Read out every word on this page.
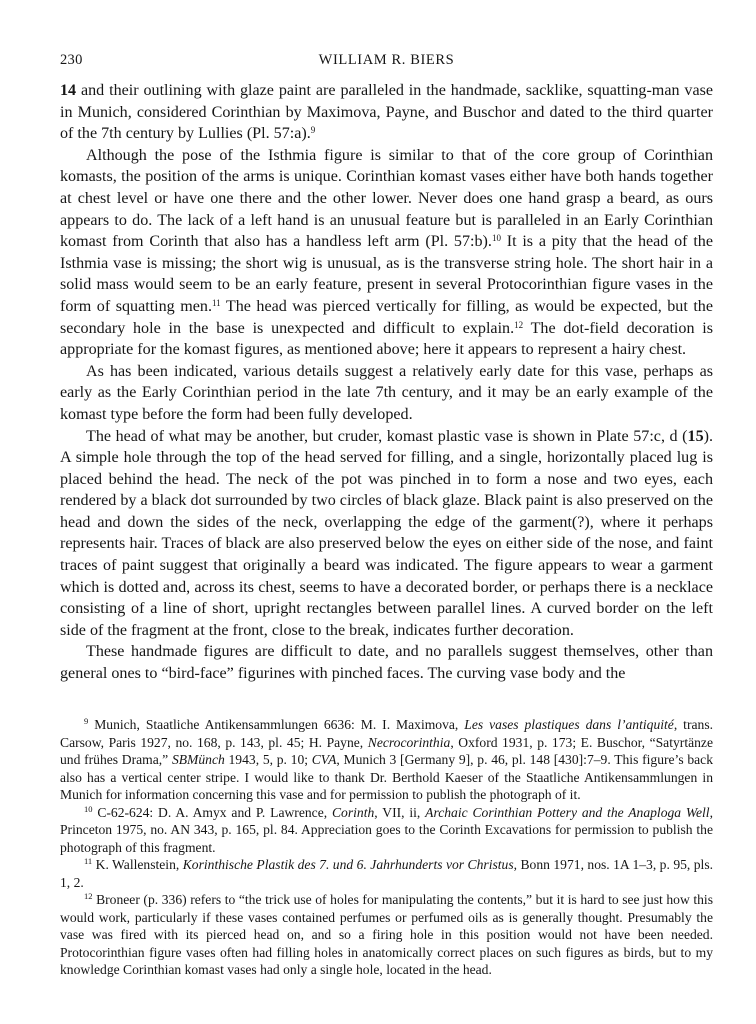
230	WILLIAM R. BIERS

14 and their outlining with glaze paint are paralleled in the handmade, sacklike, squatting-man vase in Munich, considered Corinthian by Maximova, Payne, and Buschor and dated to the third quarter of the 7th century by Lullies (Pl. 57:a).$^9$

Although the pose of the Isthmia figure is similar to that of the core group of Corinthian komasts, the position of the arms is unique. Corinthian komast vases either have both hands together at chest level or have one there and the other lower. Never does one hand grasp a beard, as ours appears to do. The lack of a left hand is an unusual feature but is paralleled in an Early Corinthian komast from Corinth that also has a handless left arm (Pl. 57:b).$^{10}$ It is a pity that the head of the Isthmia vase is missing; the short wig is unusual, as is the transverse string hole. The short hair in a solid mass would seem to be an early feature, present in several Protocorinthian figure vases in the form of squatting men.$^{11}$ The head was pierced vertically for filling, as would be expected, but the secondary hole in the base is unexpected and difficult to explain.$^{12}$ The dot-field decoration is appropriate for the komast figures, as mentioned above; here it appears to represent a hairy chest.

As has been indicated, various details suggest a relatively early date for this vase, perhaps as early as the Early Corinthian period in the late 7th century, and it may be an early example of the komast type before the form had been fully developed.

The head of what may be another, but cruder, komast plastic vase is shown in Plate 57:c, d (15). A simple hole through the top of the head served for filling, and a single, horizontally placed lug is placed behind the head. The neck of the pot was pinched in to form a nose and two eyes, each rendered by a black dot surrounded by two circles of black glaze. Black paint is also preserved on the head and down the sides of the neck, overlapping the edge of the garment(?), where it perhaps represents hair. Traces of black are also preserved below the eyes on either side of the nose, and faint traces of paint suggest that originally a beard was indicated. The figure appears to wear a garment which is dotted and, across its chest, seems to have a decorated border, or perhaps there is a necklace consisting of a line of short, upright rectangles between parallel lines. A curved border on the left side of the fragment at the front, close to the break, indicates further decoration.

These handmade figures are difficult to date, and no parallels suggest themselves, other than general ones to “bird-face” figurines with pinched faces. The curving vase body and the

$^9$ Munich, Staatliche Antikensammlungen 6636: M. I. Maximova, Les vases plastiques dans l’antiquité, trans. Carsow, Paris 1927, no. 168, p. 143, pl. 45; H. Payne, Necrocorinthia, Oxford 1931, p. 173; E. Buschor, “Satyrtänze und frühes Drama,” SBMünch 1943, 5, p. 10; CVA, Munich 3 [Germany 9], p. 46, pl. 148 [430]:7–9. This figure’s back also has a vertical center stripe. I would like to thank Dr. Berthold Kaeser of the Staatliche Antikensammlungen in Munich for information concerning this vase and for permission to publish the photograph of it.

$^{10}$ C-62-624: D. A. Amyx and P. Lawrence, Corinth, VII, ii, Archaic Corinthian Pottery and the Anaploga Well, Princeton 1975, no. AN 343, p. 165, pl. 84. Appreciation goes to the Corinth Excavations for permission to publish the photograph of this fragment.

$^{11}$ K. Wallenstein, Korinthische Plastik des 7. und 6. Jahrhunderts vor Christus, Bonn 1971, nos. 1A 1–3, p. 95, pls. 1, 2.

$^{12}$ Broneer (p. 336) refers to “the trick use of holes for manipulating the contents,” but it is hard to see just how this would work, particularly if these vases contained perfumes or perfumed oils as is generally thought. Presumably the vase was fired with its pierced head on, and so a firing hole in this position would not have been needed. Protocorinthian figure vases often had filling holes in anatomically correct places on such figures as birds, but to my knowledge Corinthian komast vases had only a single hole, located in the head.
